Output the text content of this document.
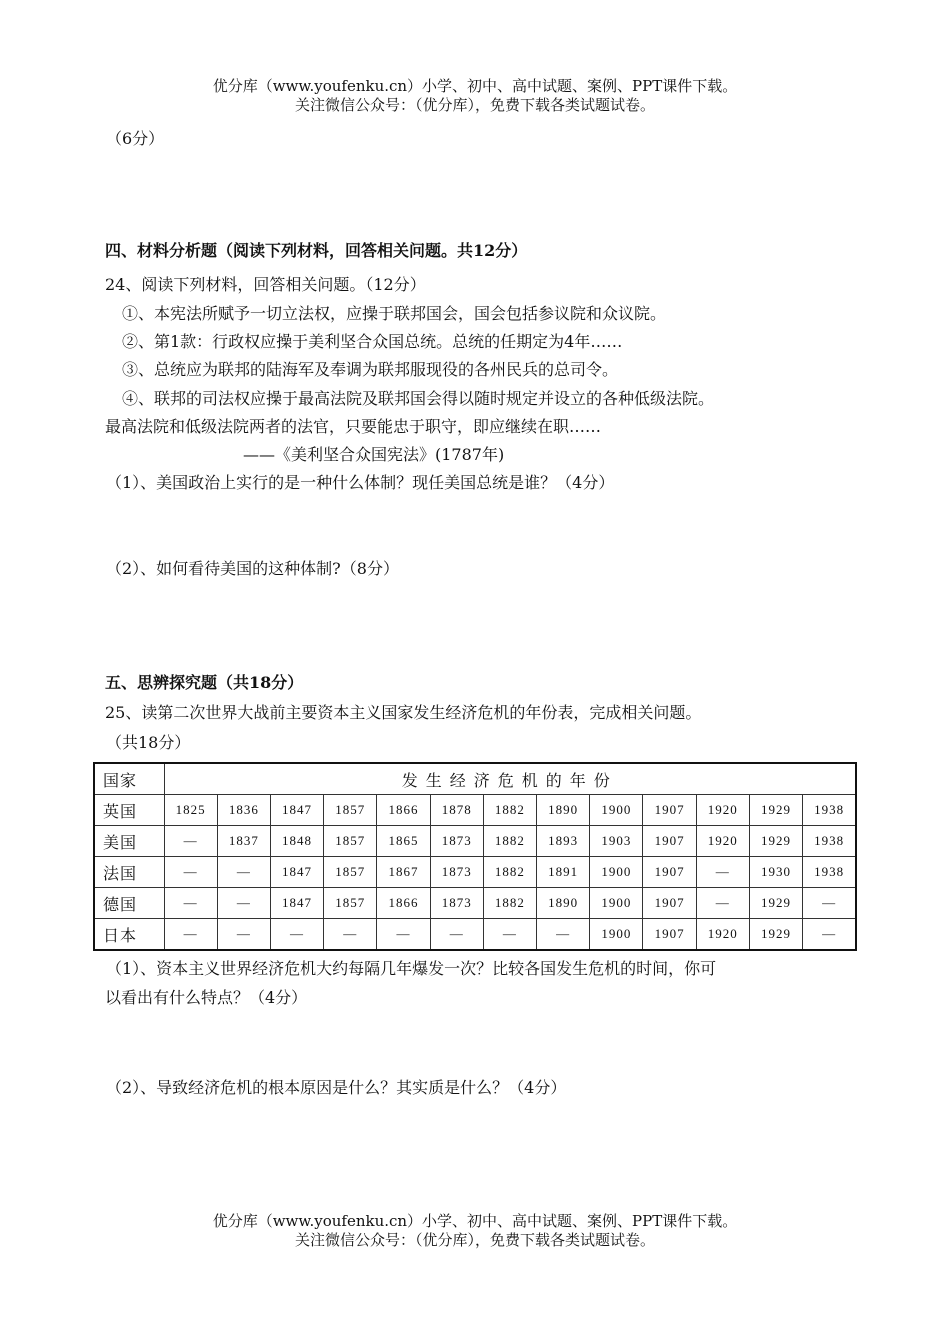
优分库（www.youfenku.cn）小学、初中、高中试题、案例、PPT课件下载。
关注微信公众号：（优分库），免费下载各类试题试卷。
（6分）
四、材料分析题（阅读下列材料，回答相关问题。共12分）
24、阅读下列材料，回答相关问题。（12分）
①、本宪法所赋予一切立法权，应操于联邦国会，国会包括参议院和众议院。
②、第1款：行政权应操于美利坚合众国总统。总统的任期定为4年……
③、总统应为联邦的陆海军及奉调为联邦服现役的各州民兵的总司令。
④、联邦的司法权应操于最高法院及联邦国会得以随时规定并设立的各种低级法院。
最高法院和低级法院两者的法官，只要能忠于职守，即应继续在职……
——《美利坚合众国宪法》(1787年)
（1）、美国政治上实行的是一种什么体制？现任美国总统是谁？（4分）
（2）、如何看待美国的这种体制?（8分）
五、思辨探究题（共18分）
25、读第二次世界大战前主要资本主义国家发生经济危机的年份表，完成相关问题。
（共18分）
国家	发生经济危机的年份												
英国	1825	1836	1847	1857	1866	1878	1882	1890	1900	1907	1920	1929	1938
美国	—	1837	1848	1857	1865	1873	1882	1893	1903	1907	1920	1929	1938
法国	—	—	1847	1857	1867	1873	1882	1891	1900	1907	—	1930	1938
德国	—	—	1847	1857	1866	1873	1882	1890	1900	1907	—	1929	—
日本	—	—	—	—	—	—	—	—	1900	1907	1920	1929	—
（1）、资本主义世界经济危机大约每隔几年爆发一次？比较各国发生危机的时间，你可
以看出有什么特点？（4分）
（2）、导致经济危机的根本原因是什么？其实质是什么？（4分）
优分库（www.youfenku.cn）小学、初中、高中试题、案例、PPT课件下载。
关注微信公众号：（优分库），免费下载各类试题试卷。
